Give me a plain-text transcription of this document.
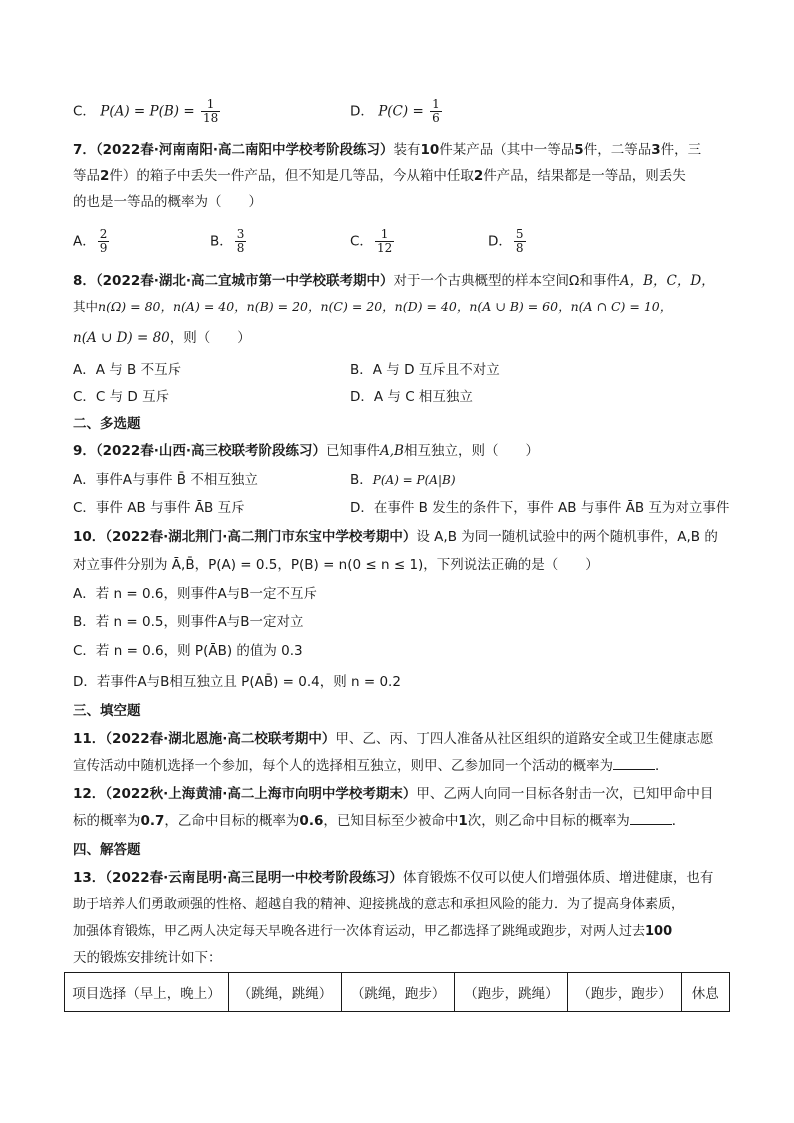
C． $P(A) = P(B) = \frac{1}{18}$	D． $P(C) = \frac{1}{6}$
7．（2022春·河南南阳·高二南阳中学校考阶段练习）装有10件某产品（其中一等品5件，二等品3件，三
等品2件）的箱子中丢失一件产品，但不知是几等品，今从箱中任取2件产品，结果都是一等品，则丢失
的也是一等品的概率为（　　）
A． $\frac{2}{9}$	B． $\frac{3}{8}$	C． $\frac{1}{12}$	D． $\frac{5}{8}$
8．（2022春·湖北·高二宜城市第一中学校联考期中）对于一个古典概型的样本空间Ω和事件A，B，C，D，
其中n(Ω) = 80，n(A) = 40，n(B) = 20，n(C) = 20，n(D) = 40，n(A ∪ B) = 60，n(A ∩ C) = 10，
n(A ∪ D) = 80，则（　　）
A．A 与 B 不互斥	B．A 与 D 互斥且不对立
C．C 与 D 互斥	D．A 与 C 相互独立
二、多选题
9．（2022春·山西·高三校联考阶段练习）已知事件A,B相互独立，则（　　）
A．事件A与事件 B̄ 不相互独立	B．P(A) = P(A|B)
C．事件 AB 与事件 ĀB 互斥	D．在事件 B 发生的条件下，事件 AB 与事件 ĀB 互为对立事件
10．（2022春·湖北荆门·高二荆门市东宝中学校考期中）设 A,B 为同一随机试验中的两个随机事件，A,B 的
对立事件分别为 Ā,B̄，P(A) = 0.5，P(B) = n(0 ≤ n ≤ 1)，下列说法正确的是（　　）
A．若 n = 0.6，则事件A与B一定不互斥
B．若 n = 0.5，则事件A与B一定对立
C．若 n = 0.6，则 P(ĀB) 的值为 0.3
D．若事件A与B相互独立且 P(AB̄) = 0.4，则 n = 0.2
三、填空题
11．（2022春·湖北恩施·高二校联考期中）甲、乙、丙、丁四人准备从社区组织的道路安全或卫生健康志愿
宣传活动中随机选择一个参加，每个人的选择相互独立，则甲、乙参加同一个活动的概率为	．
12．（2022秋·上海黄浦·高二上海市向明中学校考期末）甲、乙两人向同一目标各射击一次，已知甲命中目
标的概率为0.7，乙命中目标的概率为0.6，已知目标至少被命中1次，则乙命中目标的概率为	．
四、解答题
13．（2022春·云南昆明·高三昆明一中校考阶段练习）体育锻炼不仅可以使人们增强体质、增进健康，也有
助于培养人们勇敢顽强的性格、超越自我的精神、迎接挑战的意志和承担风险的能力．为了提高身体素质，
加强体育锻炼，甲乙两人决定每天早晚各进行一次体育运动，甲乙都选择了跳绳或跑步，对两人过去100
天的锻炼安排统计如下：
项目选择（早上，晚上）	（跳绳，跳绳）	（跳绳，跑步）	（跑步，跳绳）	（跑步，跑步）	休息
